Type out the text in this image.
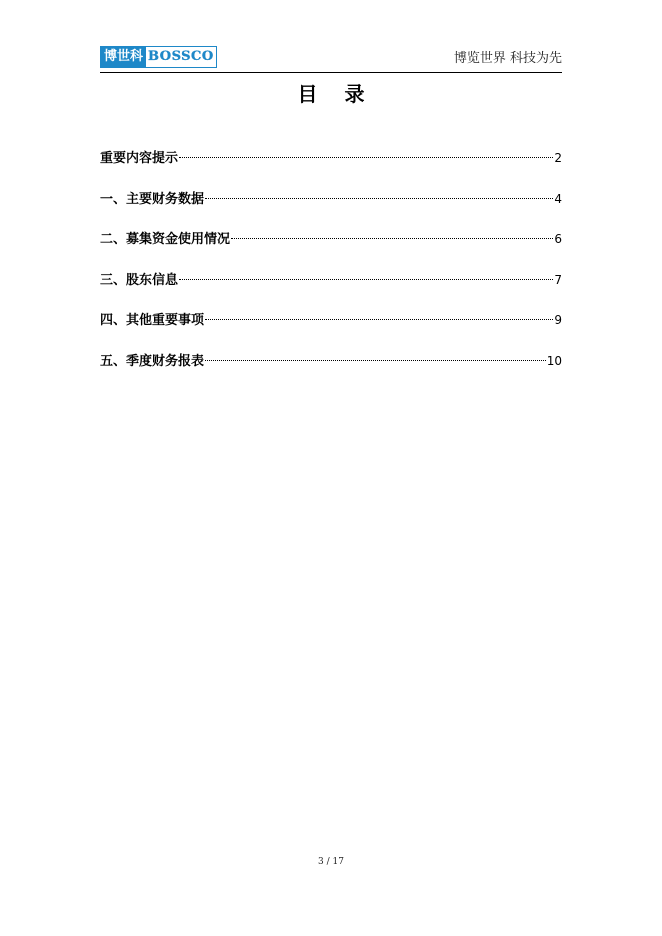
博世科 BOSSCO	博览世界 科技为先
目 录
重要内容提示	2
一、主要财务数据	4
二、募集资金使用情况	6
三、股东信息	7
四、其他重要事项	9
五、季度财务报表	10
3 / 17
